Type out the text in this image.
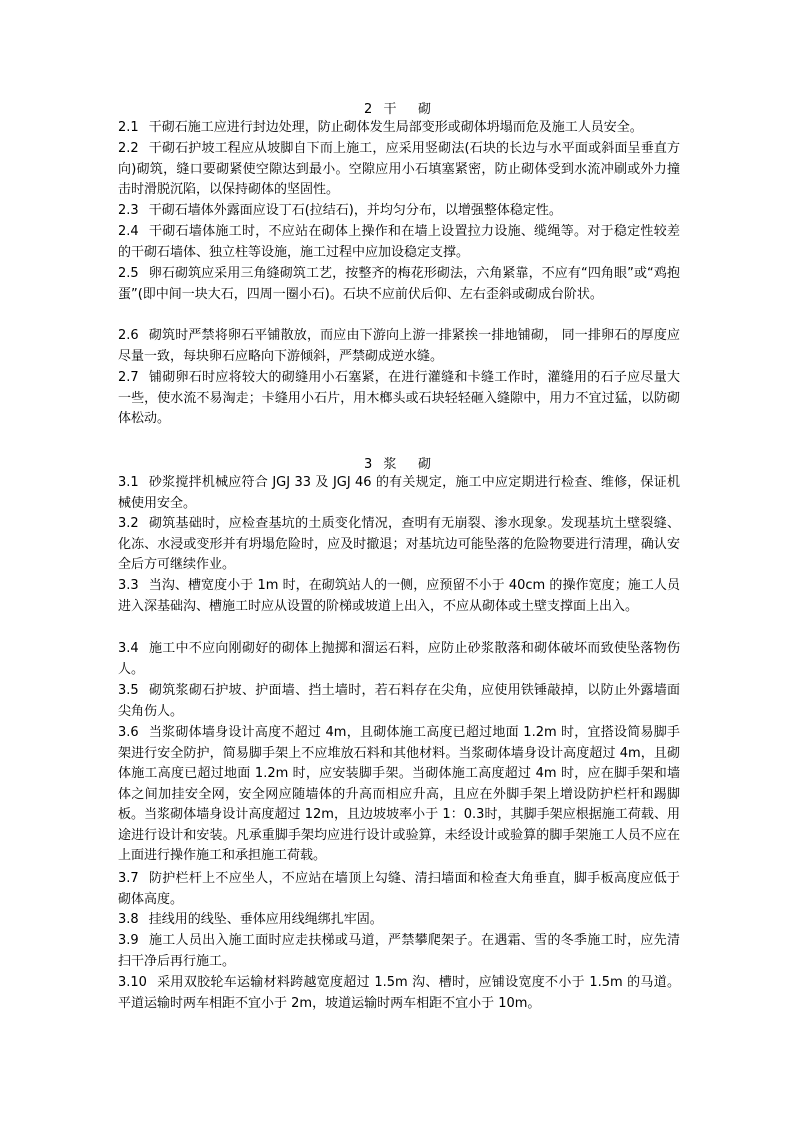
2  干    砌
2.1 干砌石施工应进行封边处理，防止砌体发生局部变形或砌体坍塌而危及施工人员安全。
2.2 干砌石护坡工程应从坡脚自下而上施工，应采用竖砌法(石块的长边与水平面或斜面呈垂直方向)砌筑，缝口要砌紧使空隙达到最小。空隙应用小石填塞紧密，防止砌体受到水流冲刷或外力撞击时滑脱沉陷，以保持砌体的坚固性。
2.3 干砌石墙体外露面应设丁石(拉结石)，并均匀分布，以增强整体稳定性。
2.4 干砌石墙体施工时，不应站在砌体上操作和在墙上设置拉力设施、缆绳等。对于稳定性较差的干砌石墙体、独立柱等设施，施工过程中应加设稳定支撑。
2.5 卵石砌筑应采用三角缝砌筑工艺，按整齐的梅花形砌法，六角紧靠，不应有“四角眼”或“鸡抱蛋”(即中间一块大石，四周一圈小石)。石块不应前伏后仰、左右歪斜或砌成台阶状。
2.6 砌筑时严禁将卵石平铺散放，而应由下游向上游一排紧挨一排地铺砌， 同一排卵石的厚度应尽量一致，每块卵石应略向下游倾斜，严禁砌成逆水缝。
2.7 铺砌卵石时应将较大的砌缝用小石塞紧，在进行灌缝和卡缝工作时，灌缝用的石子应尽量大一些，使水流不易淘走；卡缝用小石片，用木榔头或石块轻轻砸入缝隙中，用力不宜过猛，以防砌体松动。
3  浆    砌
3.1 砂浆搅拌机械应符合 JGJ 33 及 JGJ 46 的有关规定，施工中应定期进行检查、维修，保证机械使用安全。
3.2 砌筑基础时，应检查基坑的土质变化情况，查明有无崩裂、渗水现象。发现基坑土壁裂缝、化冻、水浸或变形并有坍塌危险时，应及时撤退；对基坑边可能坠落的危险物要进行清理，确认安全后方可继续作业。
3.3 当沟、槽宽度小于 1m 时，在砌筑站人的一侧，应预留不小于 40cm 的操作宽度；施工人员进入深基础沟、槽施工时应从设置的阶梯或坡道上出入，不应从砌体或土壁支撑面上出入。
3.4 施工中不应向刚砌好的砌体上抛掷和溜运石料，应防止砂浆散落和砌体破坏而致使坠落物伤人。
3.5 砌筑浆砌石护坡、护面墙、挡土墙时，若石料存在尖角，应使用铁锤敲掉，以防止外露墙面尖角伤人。
3.6 当浆砌体墙身设计高度不超过 4m，且砌体施工高度已超过地面 1.2m 时，宜搭设简易脚手架进行安全防护，简易脚手架上不应堆放石料和其他材料。当浆砌体墙身设计高度超过 4m，且砌体施工高度已超过地面 1.2m 时，应安装脚手架。当砌体施工高度超过 4m 时，应在脚手架和墙体之间加挂安全网，安全网应随墙体的升高而相应升高，且应在外脚手架上增设防护栏杆和踢脚板。当浆砌体墙身设计高度超过 12m，且边坡坡率小于 1：0.3时，其脚手架应根据施工荷载、用途进行设计和安装。凡承重脚手架均应进行设计或验算，未经设计或验算的脚手架施工人员不应在上面进行操作施工和承担施工荷载。
3.7 防护栏杆上不应坐人，不应站在墙顶上勾缝、清扫墙面和检查大角垂直，脚手板高度应低于砌体高度。
3.8 挂线用的线坠、垂体应用线绳绑扎牢固。
3.9 施工人员出入施工面时应走扶梯或马道，严禁攀爬架子。在遇霜、雪的冬季施工时，应先清扫干净后再行施工。
3.10 采用双胶轮车运输材料跨越宽度超过 1.5m 沟、槽时，应铺设宽度不小于 1.5m 的马道。平道运输时两车相距不宜小于 2m，坡道运输时两车相距不宜小于 10m。
